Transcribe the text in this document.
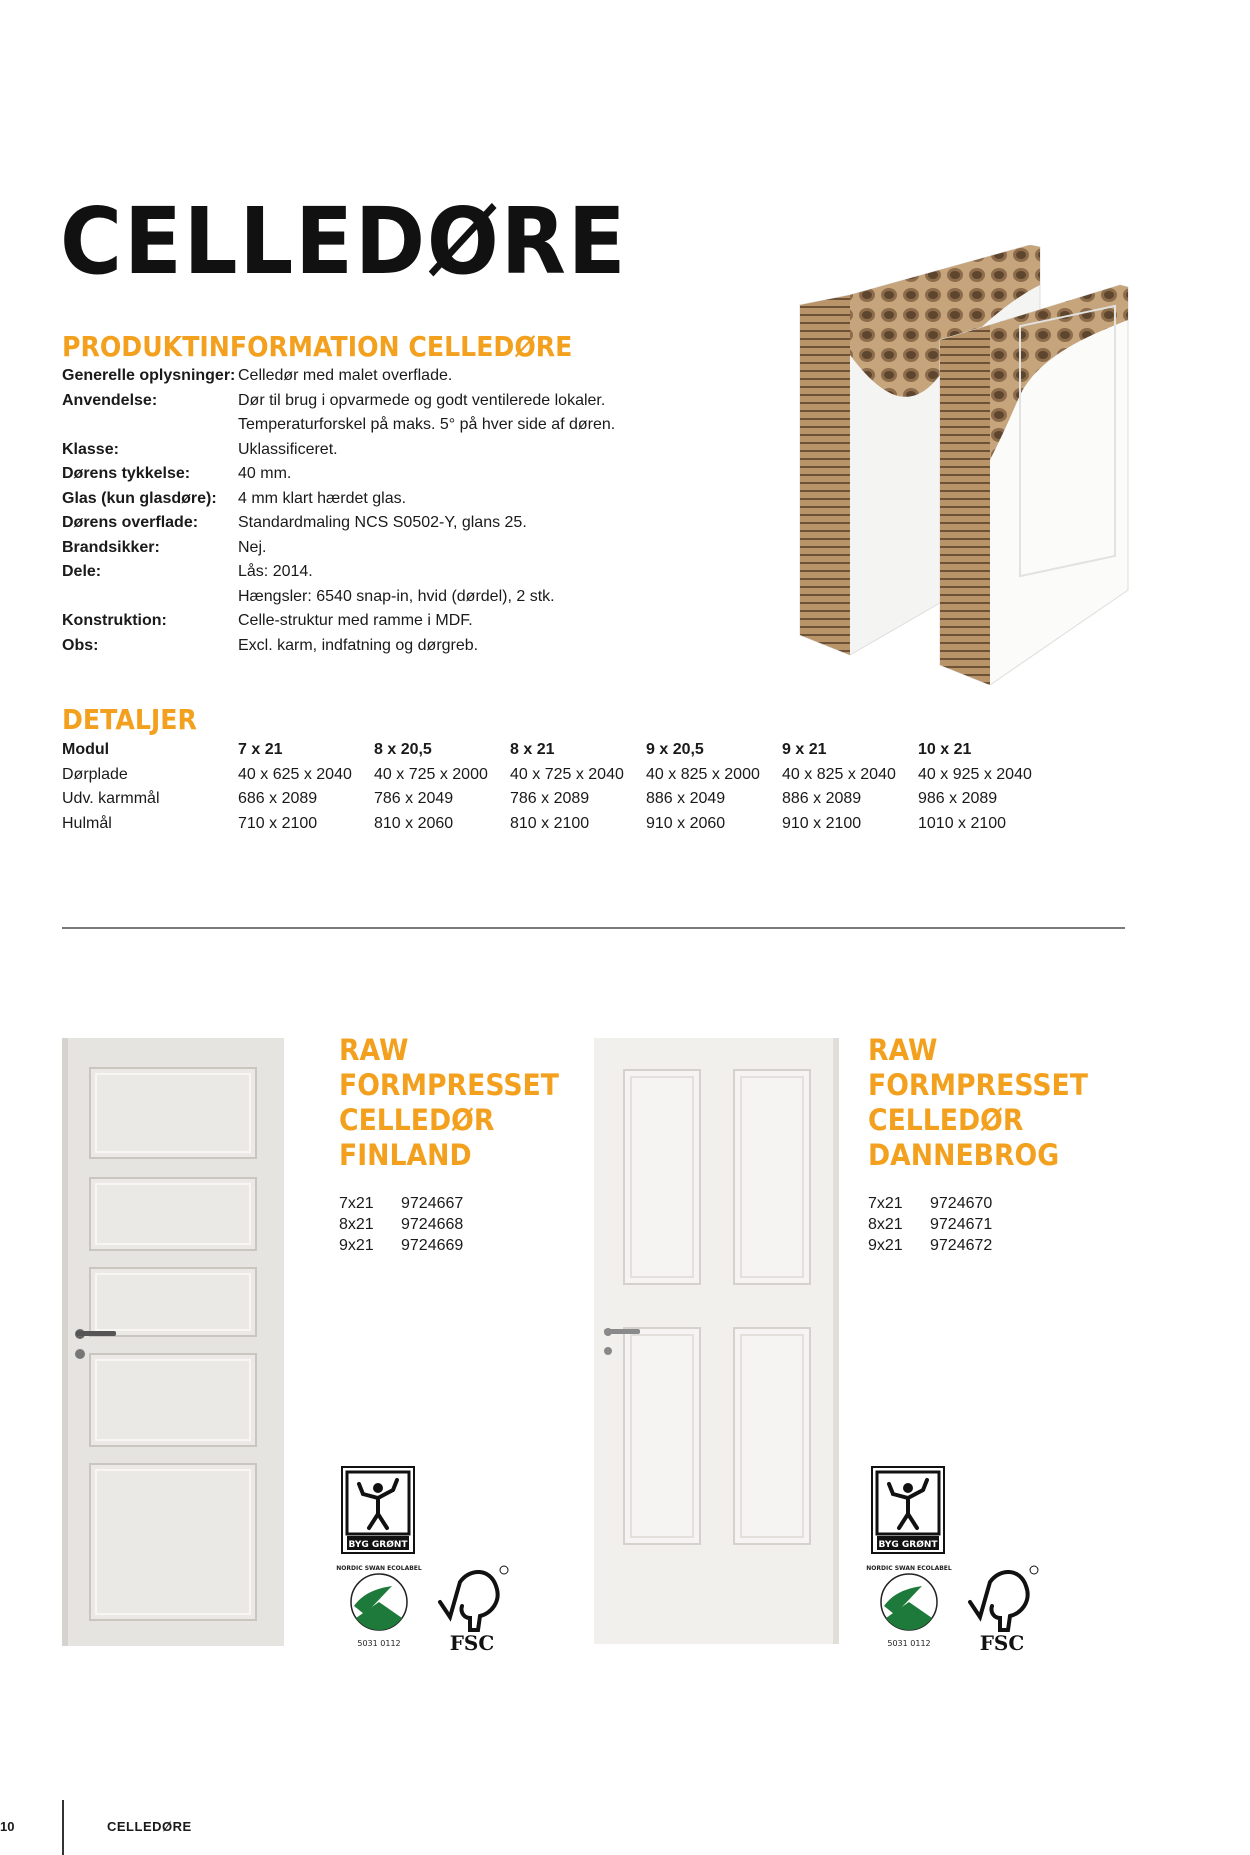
CELLEDØRE
PRODUKTINFORMATION CELLEDØRE
Generelle oplysninger: Celledør med malet overflade.
Anvendelse:	Dør til brug i opvarmede og godt ventilerede lokaler.
Temperaturforskel på maks. 5° på hver side af døren.
Klasse:	Uklassificeret.
Dørens tykkelse:	40 mm.
Glas (kun glasdøre):	4 mm klart hærdet glas.
Dørens overflade:	Standardmaling NCS S0502-Y, glans 25.
Brandsikker:	Nej.
Dele:	Lås: 2014.
Hængsler: 6540 snap-in, hvid (dørdel), 2 stk.
Konstruktion:	Celle-struktur med ramme i MDF.
Obs:	Excl. karm, indfatning og dørgreb.
DETALJER
Modul	7 x 21	8 x 20,5	8 x 21	9 x 20,5	9 x 21	10 x 21
Dørplade	40 x 625 x 2040	40 x 725 x 2000	40 x 725 x 2040	40 x 825 x 2000	40 x 825 x 2040	40 x 925 x 2040
Udv. karmmål	686 x 2089	786 x 2049	786 x 2089	886 x 2049	886 x 2089	986 x 2089
Hulmål	710 x 2100	810 x 2060	810 x 2100	910 x 2060	910 x 2100	1010 x 2100
RAW
FORMPRESSET
CELLEDØR
FINLAND
7x21	9724667
8x21	9724668
9x21	9724669
RAW
FORMPRESSET
CELLEDØR
DANNEBROG
7x21	9724670
8x21	9724671
9x21	9724672
BYG GRØNT
NORDIC SWAN ECOLABEL
5031 0112 FSC
BYG GRØNT
NORDIC SWAN ECOLABEL
5031 0112 FSC
10	CELLEDØRE
